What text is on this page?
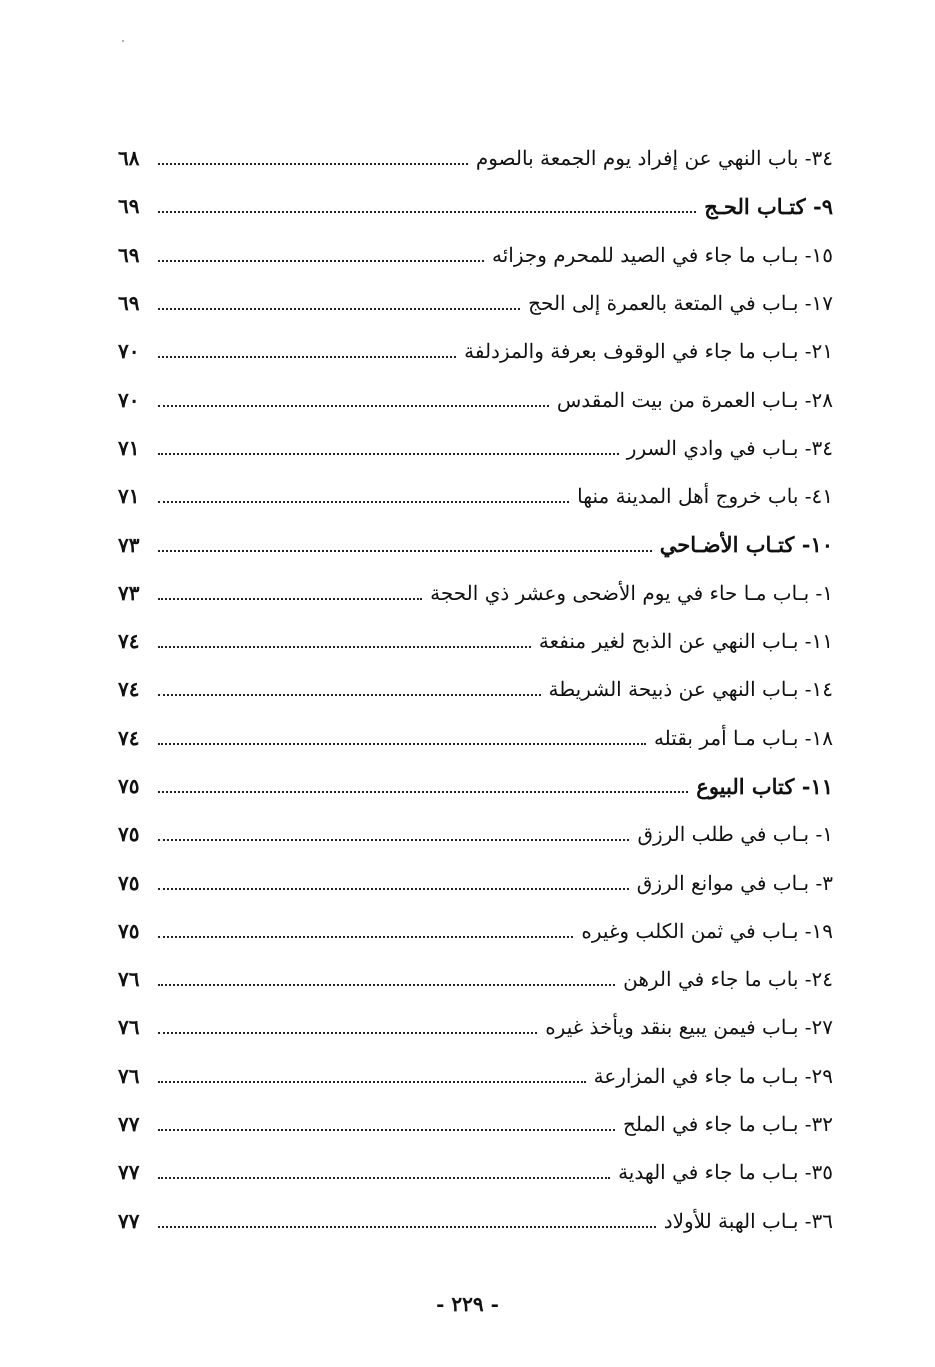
٣٤- باب النهي عن إفراد يوم الجمعة بالصوم
٦٨
٩- كتـاب الحـج
٦٩
١٥- بـاب ما جاء في الصيد للمحرم وجزائه
٦٩
١٧- بـاب في المتعة بالعمرة إلى الحج
٦٩
٢١- بـاب ما جاء في الوقوف بعرفة والمزدلفة
٧٠
٢٨- بـاب العمرة من بيت المقدس
٧٠
٣٤- بـاب في وادي السرر
٧١
٤١- باب خروج أهل المدينة منها
٧١
١٠- كتـاب الأضـاحي
٧٣
١- بـاب مـا حاء في يوم الأضحى وعشر ذي الحجة
٧٣
١١- بـاب النهي عن الذبح لغير منفعة
٧٤
١٤- بـاب النهي عن ذبيحة الشريطة
٧٤
١٨- بـاب مـا أمر بقتله
٧٤
١١- كتاب البيوع
٧٥
١- بـاب في طلب الرزق
٧٥
٣- بـاب في موانع الرزق
٧٥
١٩- بـاب في ثمن الكلب وغيره
٧٥
٢٤- باب ما جاء في الرهن
٧٦
٢٧- بـاب فيمن يبيع بنقد ويأخذ غيره
٧٦
٢٩- بـاب ما جاء في المزارعة
٧٦
٣٢- بـاب ما جاء في الملح
٧٧
٣٥- بـاب ما جاء في الهدية
٧٧
٣٦- بـاب الهبة للأولاد
٧٧
- ٢٢٩ -
